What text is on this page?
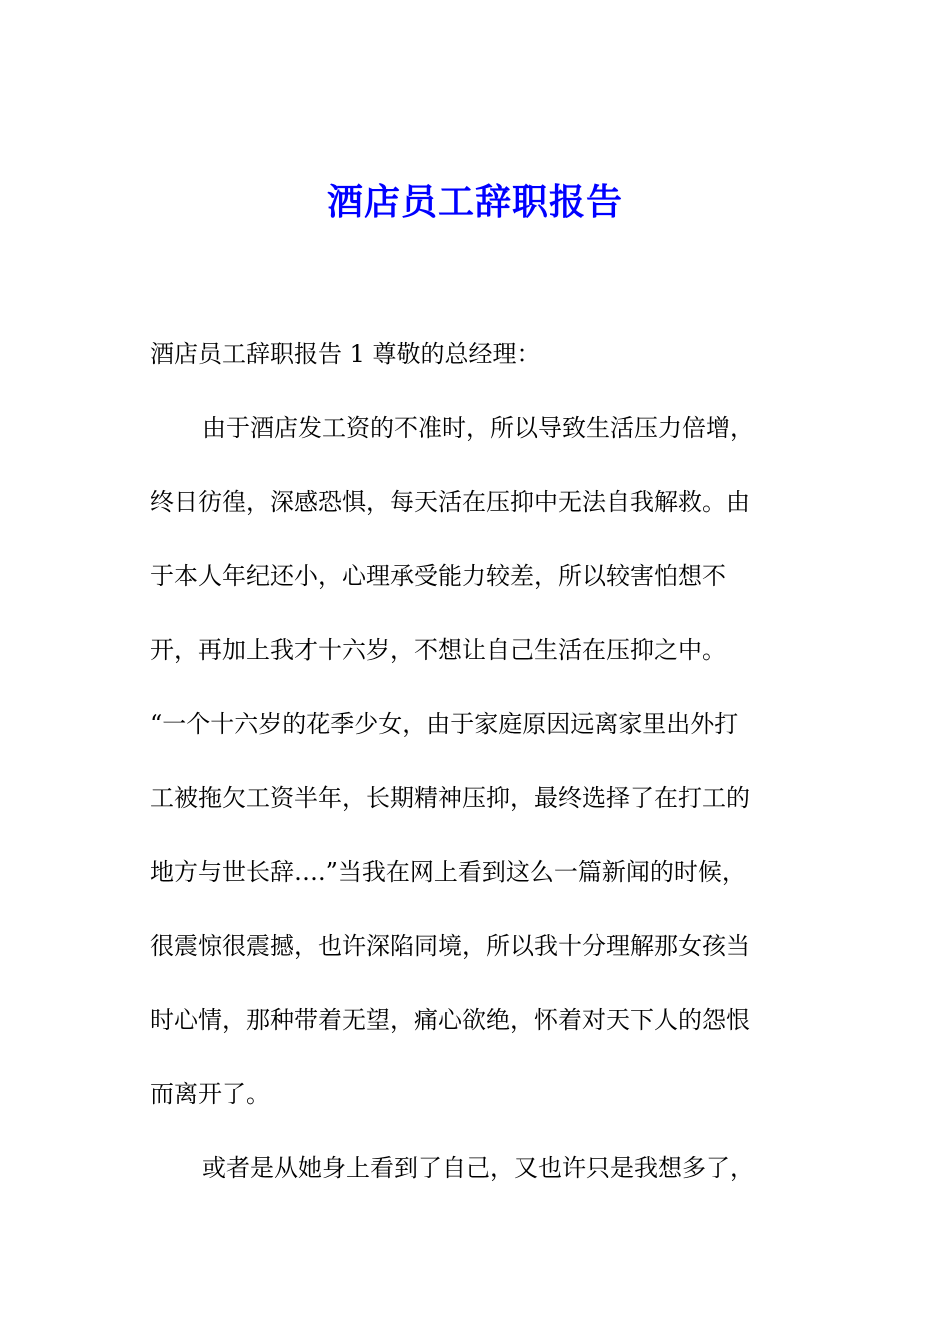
酒店员工辞职报告
酒店员工辞职报告 1 尊敬的总经理：
由于酒店发工资的不准时，所以导致生活压力倍增，
终日彷徨，深感恐惧，每天活在压抑中无法自我解救。由
于本人年纪还小，心理承受能力较差，所以较害怕想不
开，再加上我才十六岁，不想让自己生活在压抑之中。
“一个十六岁的花季少女，由于家庭原因远离家里出外打
工被拖欠工资半年，长期精神压抑，最终选择了在打工的
地方与世长辞….”当我在网上看到这么一篇新闻的时候，
很震惊很震撼，也许深陷同境，所以我十分理解那女孩当
时心情，那种带着无望，痛心欲绝，怀着对天下人的怨恨
而离开了。
或者是从她身上看到了自己，又也许只是我想多了，
